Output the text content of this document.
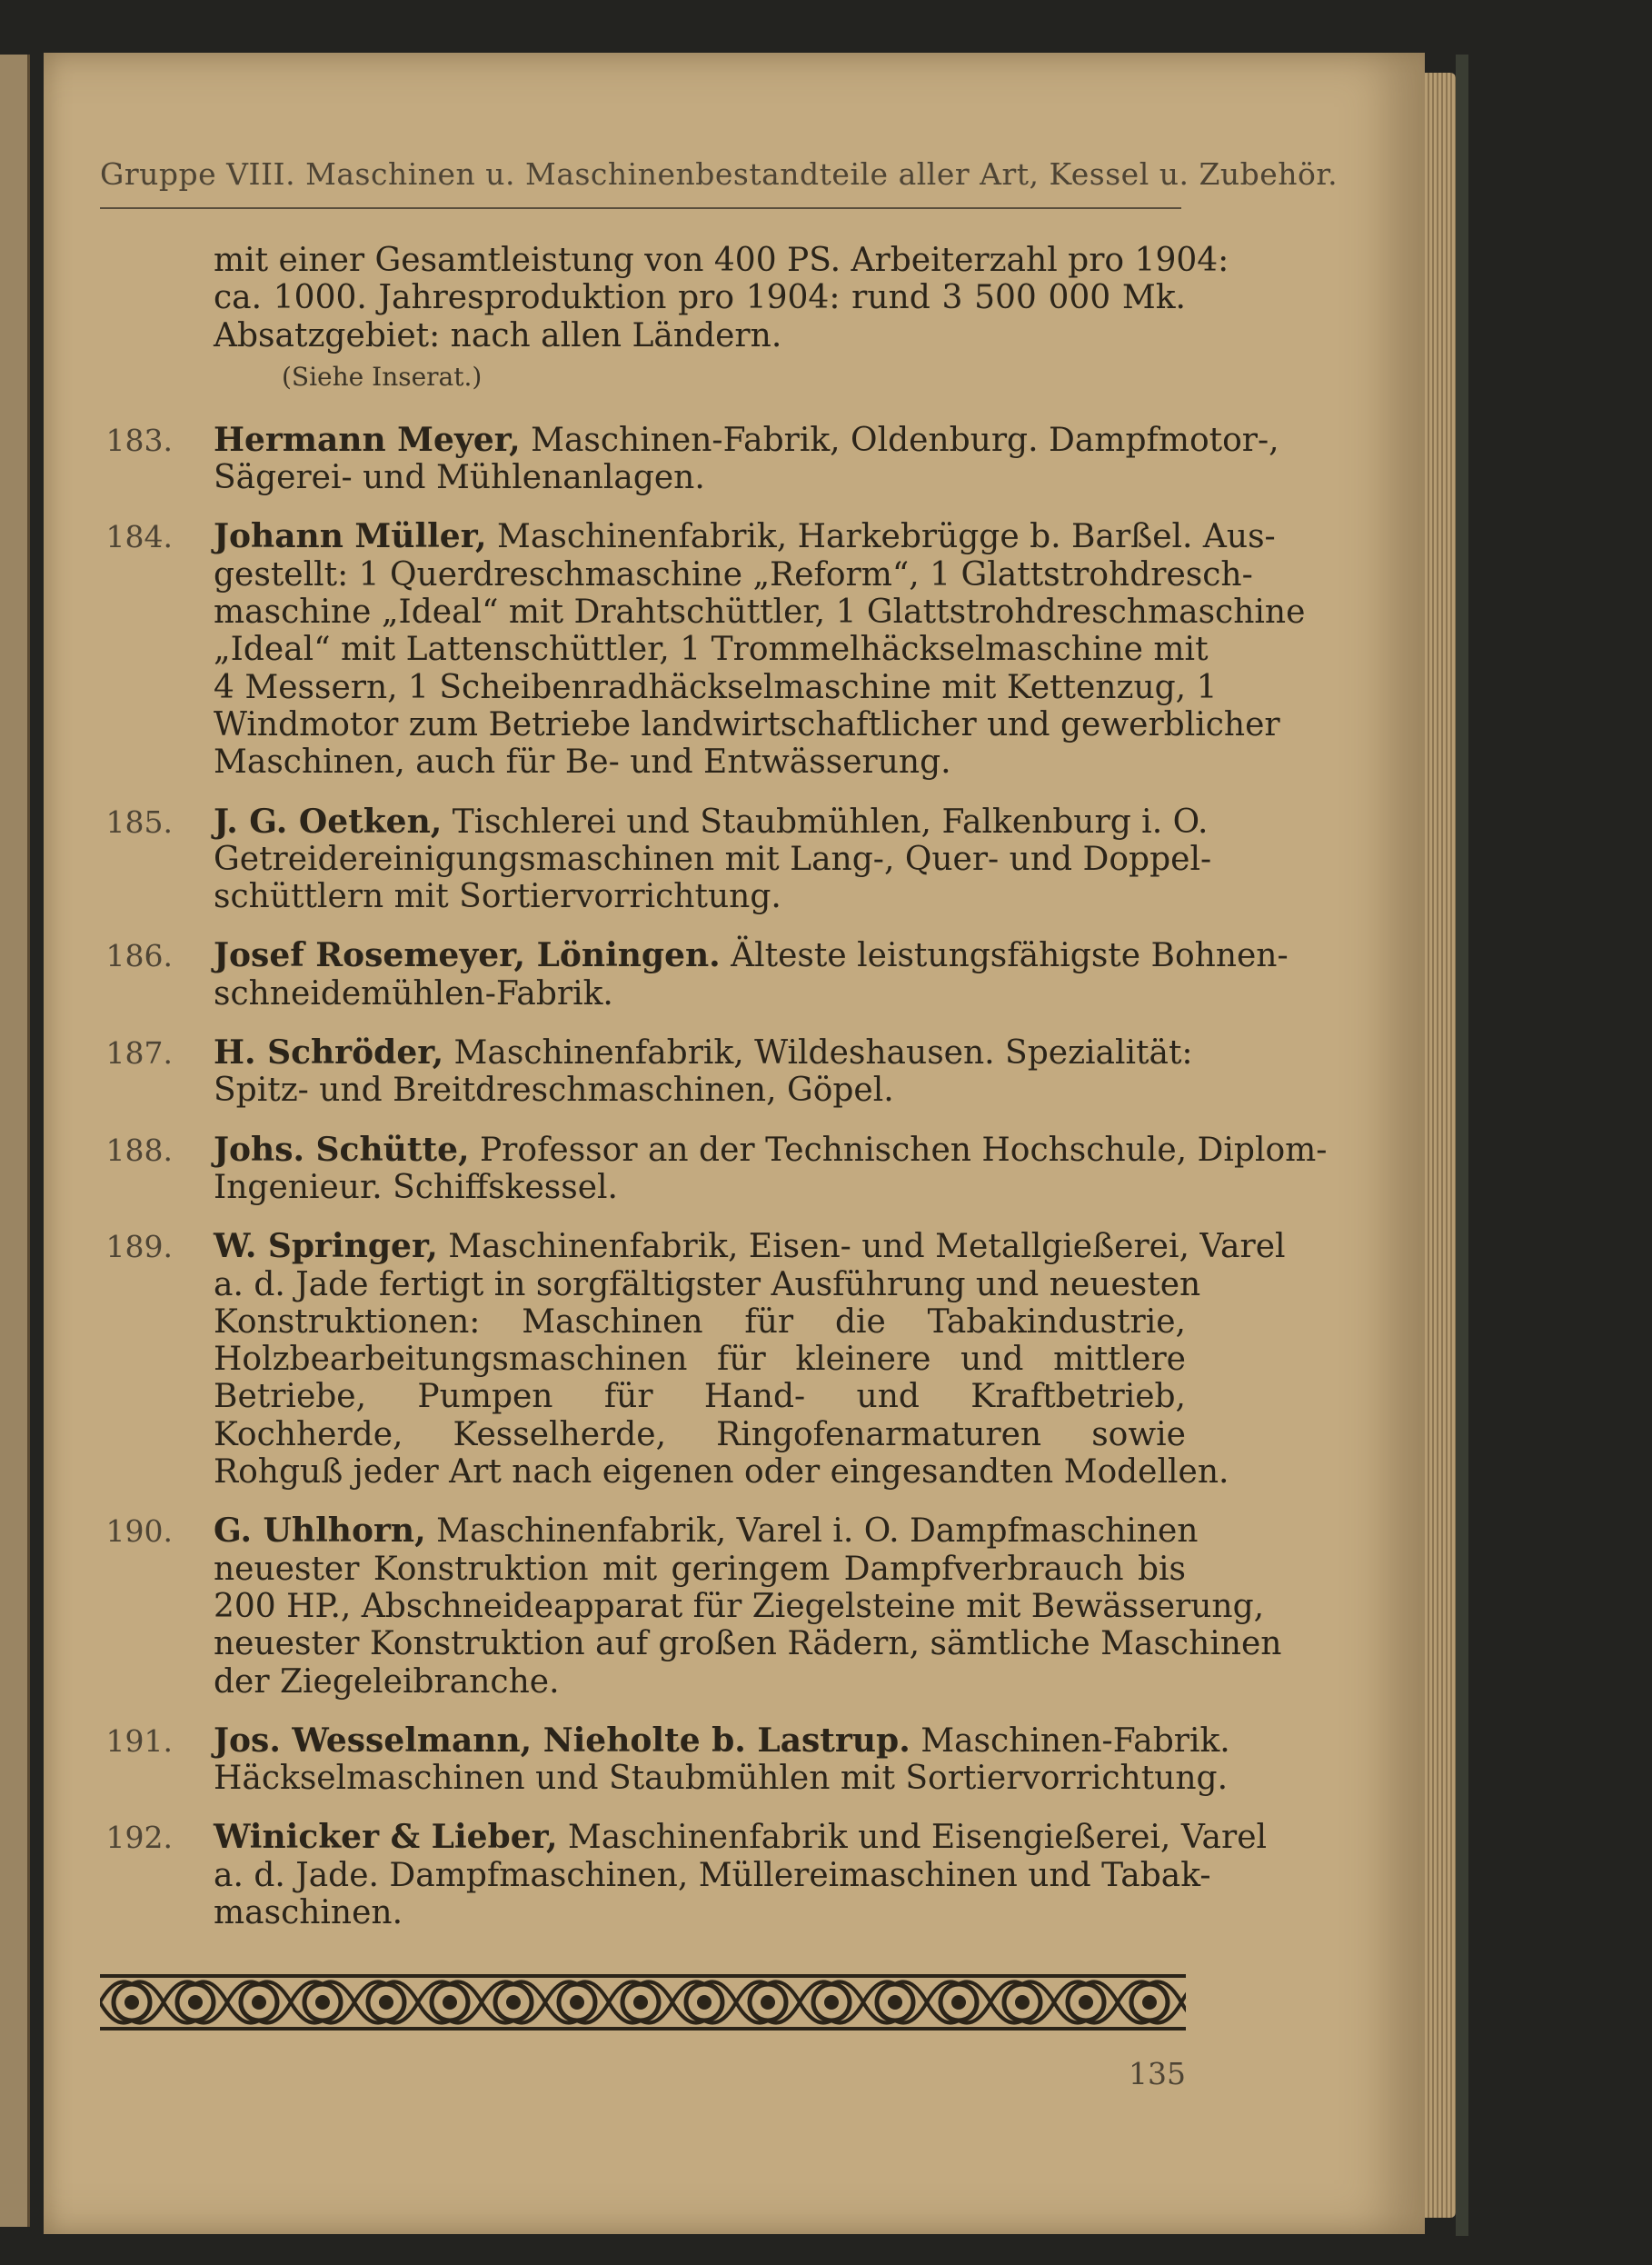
Gruppe VIII. Maschinen u. Maschinenbestandteile aller Art, Kessel u. Zubehör.
mit einer Gesamtleistung von 400 PS. Arbeiterzahl pro 1904:
ca. 1000. Jahresproduktion pro 1904: rund 3 500 000 Mk.
Absatzgebiet: nach allen Ländern.
(Siehe Inserat.)
Hermann Meyer, Maschinen-Fabrik, Oldenburg. Dampfmotor-,
183.
Sägerei- und Mühlenanlagen.
Johann Müller, Maschinenfabrik, Harkebrügge b. Barßel. Aus-
184.
gestellt: 1 Querdreschmaschine „Reform“, 1 Glattstrohdresch-
maschine „Ideal“ mit Drahtschüttler, 1 Glattstrohdreschmaschine
„Ideal“ mit Lattenschüttler, 1 Trommelhäckselmaschine mit
4 Messern, 1 Scheibenradhäckselmaschine mit Kettenzug, 1
Windmotor zum Betriebe landwirtschaftlicher und gewerblicher
Maschinen, auch für Be- und Entwässerung.
J. G. Oetken, Tischlerei und Staubmühlen, Falkenburg i. O.
185.
Getreidereinigungsmaschinen mit Lang-, Quer- und Doppel-
schüttlern mit Sortiervorrichtung.
Josef Rosemeyer, Löningen. Älteste leistungsfähigste Bohnen-
186.
schneidemühlen-Fabrik.
H. Schröder, Maschinenfabrik, Wildeshausen. Spezialität:
187.
Spitz- und Breitdreschmaschinen, Göpel.
Johs. Schütte, Professor an der Technischen Hochschule, Diplom-
188.
Ingenieur. Schiffskessel.
W. Springer, Maschinenfabrik, Eisen- und Metallgießerei, Varel
189.
a. d. Jade fertigt in sorgfältigster Ausführung und neuesten
Konstruktionen: Maschinen für die Tabakindustrie,
Holzbearbeitungsmaschinen für kleinere und mittlere
Betriebe, Pumpen für Hand- und Kraftbetrieb,
Kochherde, Kesselherde, Ringofenarmaturen sowie
Rohguß jeder Art nach eigenen oder eingesandten Modellen.
G. Uhlhorn, Maschinenfabrik, Varel i. O. Dampfmaschinen
190.
neuester Konstruktion mit geringem Dampfverbrauch bis
200 HP., Abschneideapparat für Ziegelsteine mit Bewässerung,
neuester Konstruktion auf großen Rädern, sämtliche Maschinen
der Ziegeleibranche.
Jos. Wesselmann, Nieholte b. Lastrup. Maschinen-Fabrik.
191.
Häckselmaschinen und Staubmühlen mit Sortiervorrichtung.
Winicker & Lieber, Maschinenfabrik und Eisengießerei, Varel
192.
a. d. Jade. Dampfmaschinen, Müllereimaschinen und Tabak-
maschinen.
135
